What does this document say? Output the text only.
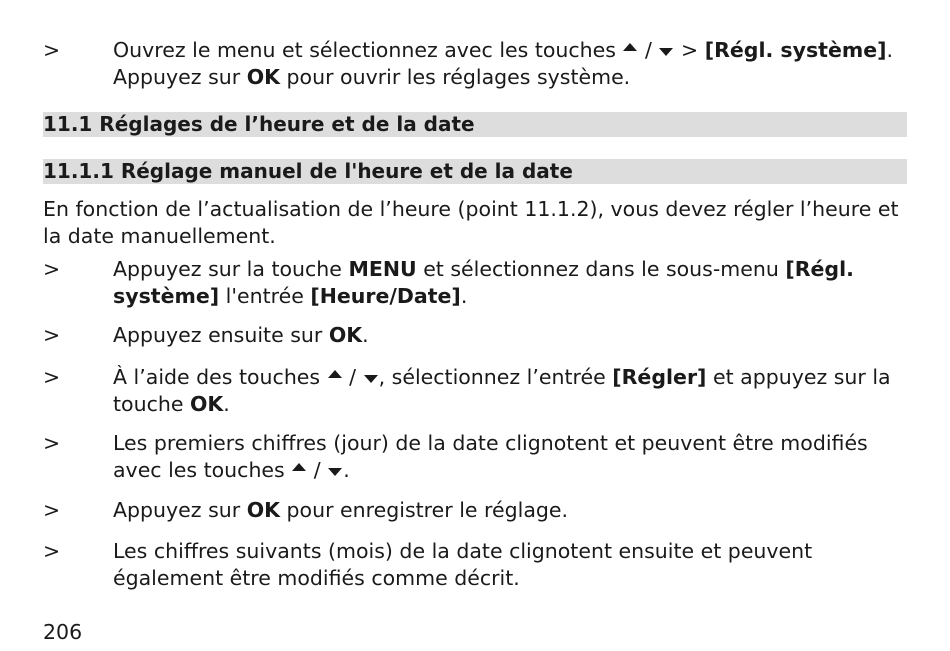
>	Ouvrez le menu et sélectionnez avec les touches / > [Régl. système].
Appuyez sur OK pour ouvrir les réglages système.
11.1 Réglages de l’heure et de la date
11.1.1 Réglage manuel de l'heure et de la date
En fonction de l’actualisation de l’heure (point 11.1.2), vous devez régler l’heure et la date manuellement.
>	Appuyez sur la touche MENU et sélectionnez dans le sous-menu [Régl. système] l'entrée [Heure/Date].
>	Appuyez ensuite sur OK.
>	À l’aide des touches / , sélectionnez l’entrée [Régler] et appuyez sur la touche OK.
>	Les premiers chiffres (jour) de la date clignotent et peuvent être modifiés avec les touches / .
>	Appuyez sur OK pour enregistrer le réglage.
>	Les chiffres suivants (mois) de la date clignotent ensuite et peuvent également être modifiés comme décrit.
206
